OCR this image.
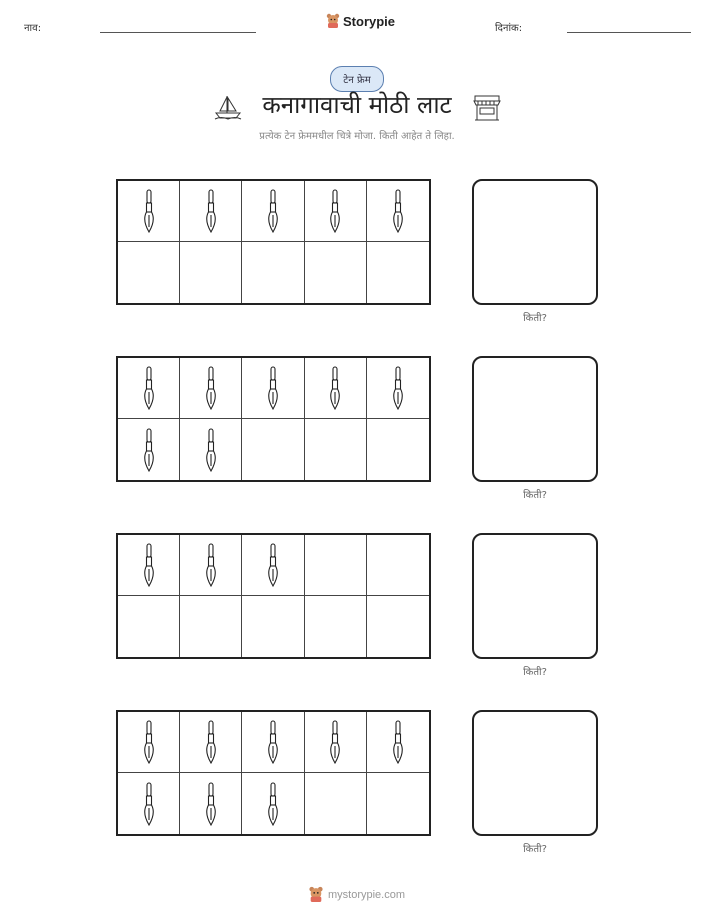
नाव:	Storypie	दिनांक:
टेन फ्रेम
कनागावाची मोठी लाट
प्रत्येक टेन फ्रेममधील चित्रे मोजा. किती आहेत ते लिहा.
किती?
किती?
किती?
किती?
mystorypie.com
